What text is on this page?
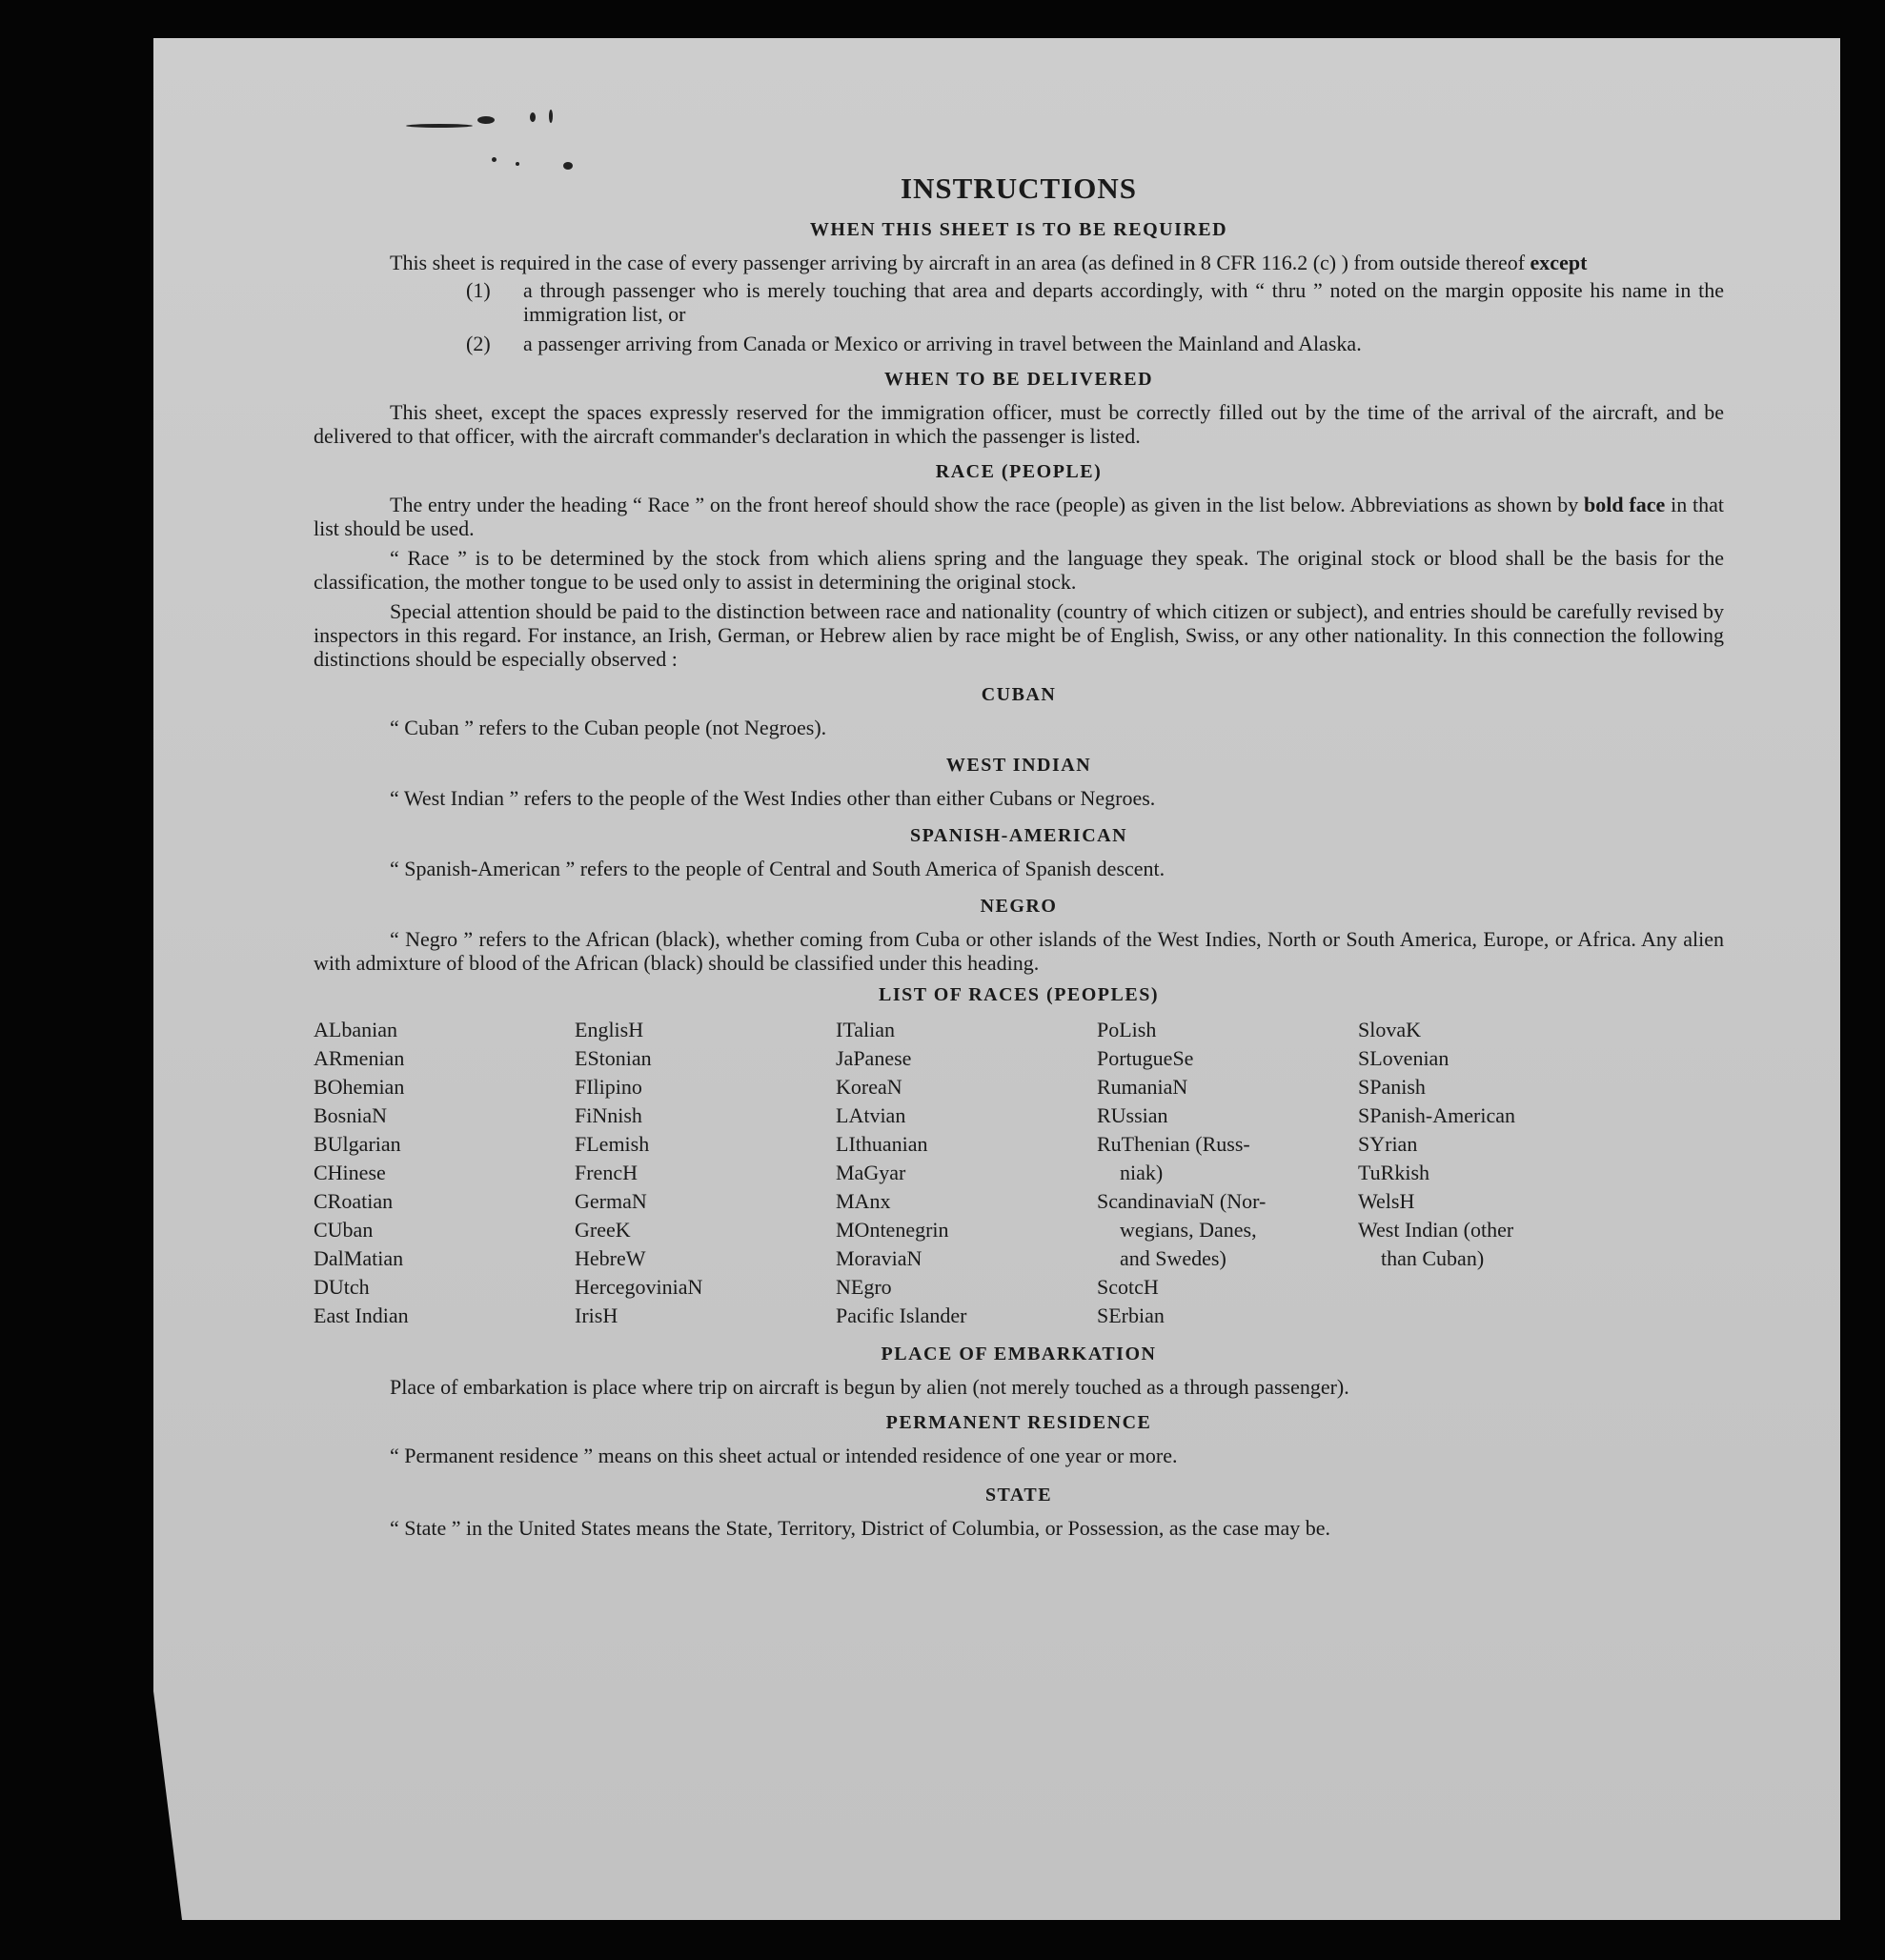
INSTRUCTIONS
WHEN THIS SHEET IS TO BE REQUIRED

This sheet is required in the case of every passenger arriving by aircraft in an area (as defined in 8 CFR 116.2 (c) ) from outside thereof except

(1)	a through passenger who is merely touching that area and departs accordingly, with “ thru ” noted on the margin opposite his name in the immigration list, or
(2)	a passenger arriving from Canada or Mexico or arriving in travel between the Mainland and Alaska.
WHEN TO BE DELIVERED

This sheet, except the spaces expressly reserved for the immigration officer, must be correctly filled out by the time of the arrival of the aircraft, and be delivered to that officer, with the aircraft commander's declaration in which the passenger is listed.

RACE (PEOPLE)

The entry under the heading “ Race ” on the front hereof should show the race (people) as given in the list below. Abbreviations as shown by bold face in that list should be used.

“ Race ” is to be determined by the stock from which aliens spring and the language they speak. The original stock or blood shall be the basis for the classification, the mother tongue to be used only to assist in determining the original stock.

Special attention should be paid to the distinction between race and nationality (country of which citizen or subject), and entries should be carefully revised by inspectors in this regard. For instance, an Irish, German, or Hebrew alien by race might be of English, Swiss, or any other nationality. In this connection the following distinctions should be especially observed :

CUBAN

“ Cuban ” refers to the Cuban people (not Negroes).

WEST INDIAN

“ West Indian ” refers to the people of the West Indies other than either Cubans or Negroes.

SPANISH-AMERICAN

“ Spanish-American ” refers to the people of Central and South America of Spanish descent.

NEGRO

“ Negro ” refers to the African (black), whether coming from Cuba or other islands of the West Indies, North or South America, Europe, or Africa. Any alien with admixture of blood of the African (black) should be classified under this heading.

LIST OF RACES (PEOPLES)
ALbanian
ARmenian
BOhemian
BosniaN
BUlgarian
CHinese
CRoatian
CUban
DalMatian
DUtch
East Indian
EnglisH
EStonian
FIlipino
FiNnish
FLemish
FrencH
GermaN
GreeK
HebreW
HercegoviniaN
IrisH
ITalian
JaPanese
KoreaN
LAtvian
LIthuanian
MaGyar
MAnx
MOntenegrin
MoraviaN
NEgro
Pacific Islander
PoLish
PortugueSe
RumaniaN
RUssian
RuThenian (Russ-
niak)
ScandinaviaN (Nor-
wegians, Danes,
and Swedes)
ScotcH
SErbian
SlovaK
SLovenian
SPanish
SPanish-American
SYrian
TuRkish
WelsH
West Indian (other
than Cuban)
PLACE OF EMBARKATION

Place of embarkation is place where trip on aircraft is begun by alien (not merely touched as a through passenger).

PERMANENT RESIDENCE

“ Permanent residence ” means on this sheet actual or intended residence of one year or more.

STATE

“ State ” in the United States means the State, Territory, District of Columbia, or Possession, as the case may be.
